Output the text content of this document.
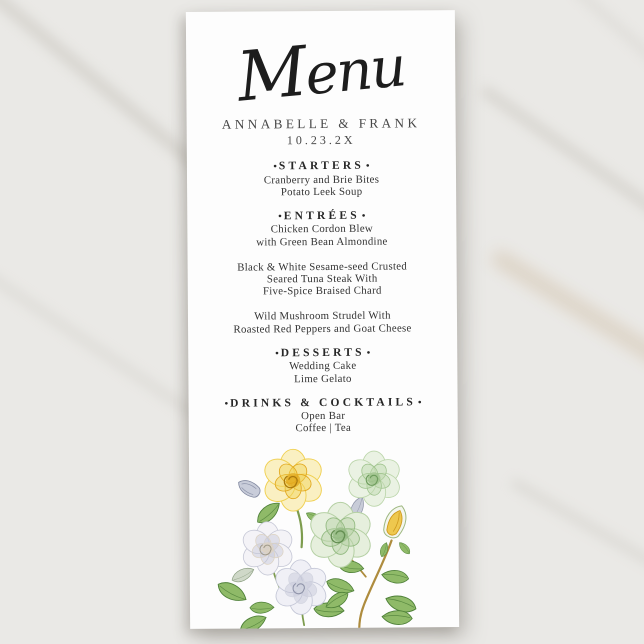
Menu
ANNABELLE & FRANK
10.23.2X
• STARTERS •
Cranberry and Brie Bites
Potato Leek Soup
• ENTRÉES •
Chicken Cordon Blew
with Green Bean Almondine
Black & White Sesame-seed Crusted
Seared Tuna Steak With
Five-Spice Braised Chard
Wild Mushroom Strudel With
Roasted Red Peppers and Goat Cheese
• DESSERTS •
Wedding Cake
Lime Gelato
• DRINKS & COCKTAILS •
Open Bar
Coffee | Tea
